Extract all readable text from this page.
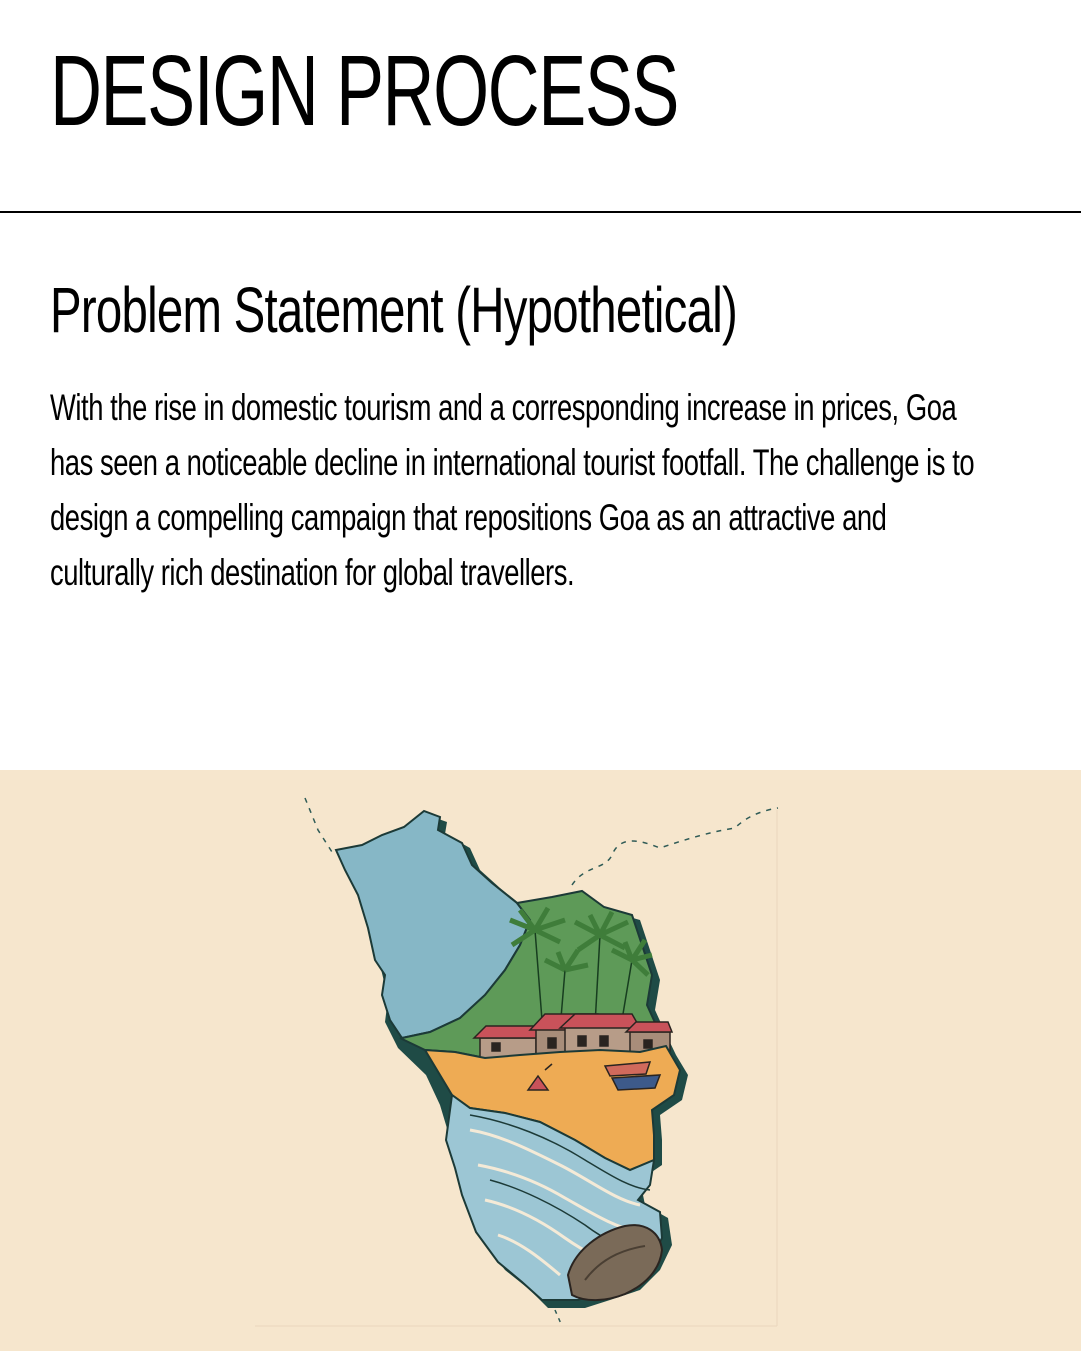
DESIGN PROCESS
Problem Statement (Hypothetical)

With the rise in domestic tourism and a corresponding increase in prices, Goa has seen a noticeable decline in international tourist footfall. The challenge is to design a compelling campaign that repositions Goa as an attractive and culturally rich destination for global travellers.
